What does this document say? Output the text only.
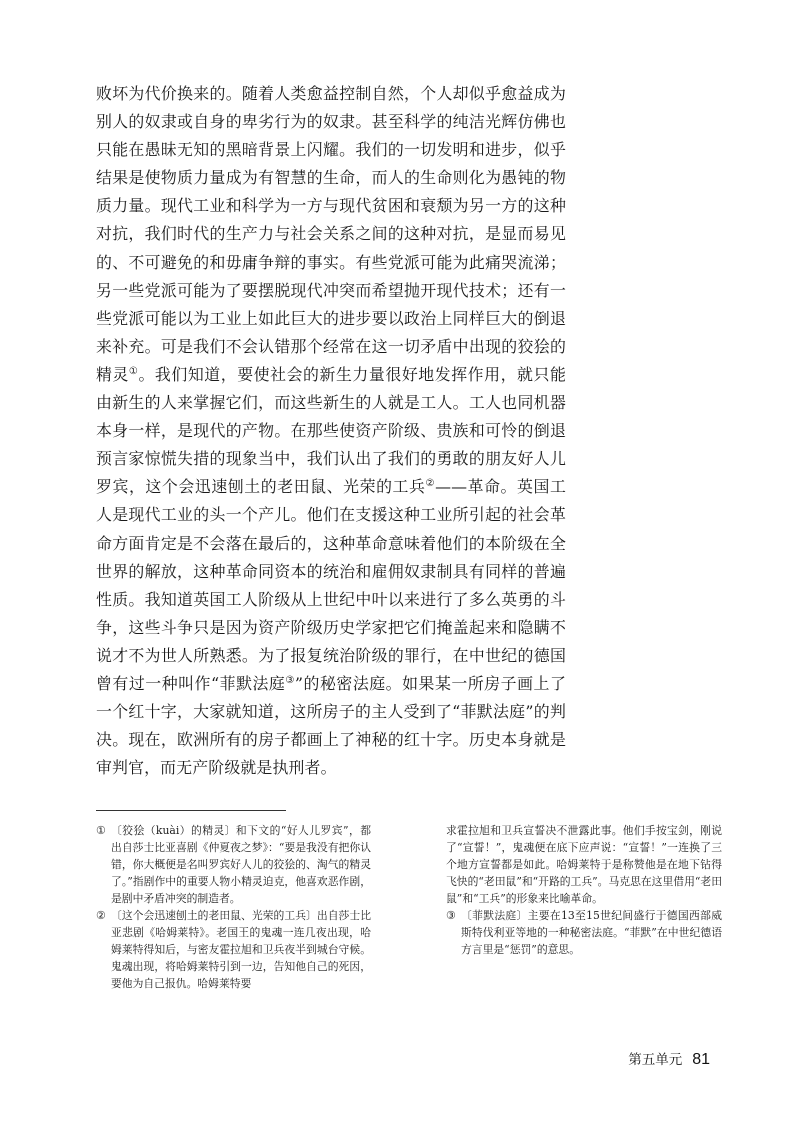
败坏为代价换来的。随着人类愈益控制自然，个人却似乎愈益成为别人的奴隶或自身的卑劣行为的奴隶。甚至科学的纯洁光辉仿佛也只能在愚昧无知的黑暗背景上闪耀。我们的一切发明和进步，似乎结果是使物质力量成为有智慧的生命，而人的生命则化为愚钝的物质力量。现代工业和科学为一方与现代贫困和衰颓为另一方的这种对抗，我们时代的生产力与社会关系之间的这种对抗，是显而易见的、不可避免的和毋庸争辩的事实。有些党派可能为此痛哭流涕；另一些党派可能为了要摆脱现代冲突而希望抛开现代技术；还有一些党派可能以为工业上如此巨大的进步要以政治上同样巨大的倒退来补充。可是我们不会认错那个经常在这一切矛盾中出现的狡狯的精灵①。我们知道，要使社会的新生力量很好地发挥作用，就只能由新生的人来掌握它们，而这些新生的人就是工人。工人也同机器本身一样，是现代的产物。在那些使资产阶级、贵族和可怜的倒退预言家惊慌失措的现象当中，我们认出了我们的勇敢的朋友好人儿罗宾，这个会迅速刨土的老田鼠、光荣的工兵②——革命。英国工人是现代工业的头一个产儿。他们在支援这种工业所引起的社会革命方面肯定是不会落在最后的，这种革命意味着他们的本阶级在全世界的解放，这种革命同资本的统治和雇佣奴隶制具有同样的普遍性质。我知道英国工人阶级从上世纪中叶以来进行了多么英勇的斗争，这些斗争只是因为资产阶级历史学家把它们掩盖起来和隐瞒不说才不为世人所熟悉。为了报复统治阶级的罪行，在中世纪的德国曾有过一种叫作“菲默法庭③”的秘密法庭。如果某一所房子画上了一个红十字，大家就知道，这所房子的主人受到了“菲默法庭”的判决。现在，欧洲所有的房子都画上了神秘的红十字。历史本身就是审判官，而无产阶级就是执刑者。

① 〔狡狯（kuài）的精灵〕和下文的“好人儿罗宾”，都出自莎士比亚喜剧《仲夏夜之梦》：“要是我没有把你认错，你大概便是名叫罗宾好人儿的狡狯的、淘气的精灵了。”指剧作中的重要人物小精灵迫克，他喜欢恶作剧，是剧中矛盾冲突的制造者。
② 〔这个会迅速刨土的老田鼠、光荣的工兵〕出自莎士比亚悲剧《哈姆莱特》。老国王的鬼魂一连几夜出现，哈姆莱特得知后，与密友霍拉旭和卫兵夜半到城台守候。鬼魂出现，将哈姆莱特引到一边，告知他自己的死因，要他为自己报仇。哈姆莱特要
求霍拉旭和卫兵宣誓决不泄露此事。他们手按宝剑，刚说了“宣誓！”，鬼魂便在底下应声说：“宣誓！”一连换了三个地方宣誓都是如此。哈姆莱特于是称赞他是在地下钻得飞快的“老田鼠”和“开路的工兵”。马克思在这里借用“老田鼠”和“工兵”的形象来比喻革命。
③ 〔菲默法庭〕主要在13至15世纪间盛行于德国西部威斯特伐利亚等地的一种秘密法庭。“菲默”在中世纪德语方言里是“惩罚”的意思。
第五单元 81
